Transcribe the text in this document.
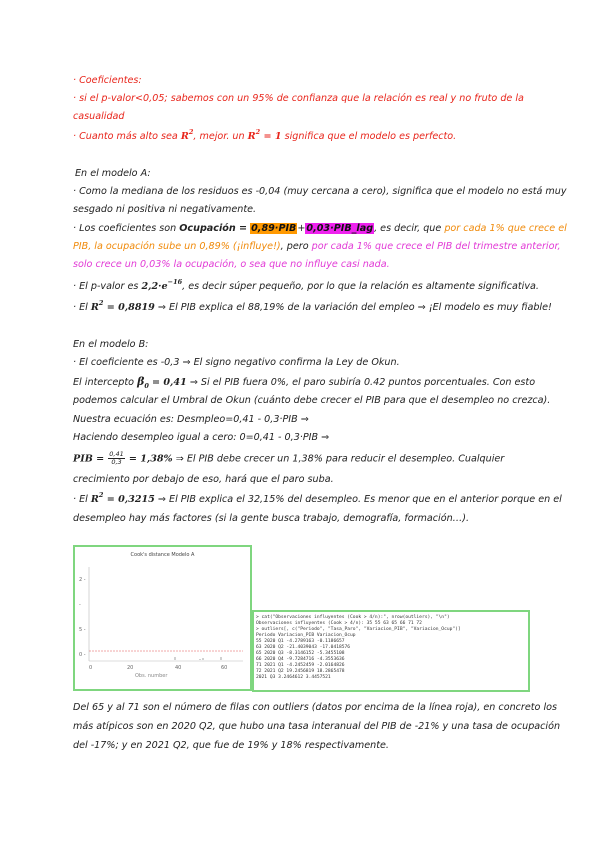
· Coeficientes:
· si el p-valor<0,05; sabemos con un 95% de confianza que la relación es real y no fruto de la
casualidad
· Cuanto más alto sea $R^2$, mejor. un $R^2 = 1$ significa que el modelo es perfecto.
En el modelo A:
· Como la mediana de los residuos es -0,04 (muy cercana a cero), significa que el modelo no está muy
sesgado ni positiva ni negativamente.
· Los coeficientes son Ocupación = 0,89·PIB+0,03·PIB_lag, es decir, que por cada 1% que crece el
PIB, la ocupación sube un 0,89% (¡influye!), pero por cada 1% que crece el PIB del trimestre anterior,
solo crece un 0,03% la ocupación, o sea que no influye casi nada.
· El p-valor es $2,2\cdot e^{-16}$, es decir súper pequeño, por lo que la relación es altamente significativa.
· El $R^2 = 0,8819$ ⇒ El PIB explica el 88,19% de la variación del empleo ⇒ ¡El modelo es muy fiable!
En el modelo B:
· El coeficiente es -0,3 ⇒ El signo negativo confirma la Ley de Okun.
El intercepto $\beta_0 = 0,41$ ⇒ Si el PIB fuera 0%, el paro subiría 0.42 puntos porcentuales. Con esto
podemos calcular el Umbral de Okun (cuánto debe crecer el PIB para que el desempleo no crezca).
Nuestra ecuación es: Desmpleo=0,41 - 0,3·PIB ⇒
Haciendo desempleo igual a cero: 0=0,41 - 0,3·PIB ⇒
PIB = $\frac{0,41}{0,3} = 1,38\%$ ⇒ El PIB debe crecer un 1,38% para reducir el desempleo. Cualquier
crecimiento por debajo de eso, hará que el paro suba.
· El $R^2 = 0,3215$ ⇒ El PIB explica el 32,15% del desempleo. Es menor que en el anterior porque en el
desempleo hay más factores (si la gente busca trabajo, demografía, formación…).
Cook's distance Modelo A
2 -
-
5 -
0 -
0	20	40	60
Obs. number
> cat("Observaciones influyentes (Cook > 4/n):", nrow(outliers), "\n")
Observaciones influyentes (Cook > 4/n): 35 55 63 65 66 71 72
> outliers[, c("Periodo", "Tasa_Paro", "Variacion_PIB", "Variacion_Ocup")]
Periodo Variacion_PIB Variacion_Ocup
55 2020 Q1 -4.2789163 -0.1186657
63 2020 Q2 -21.4039043 -17.0418576
65 2020 Q3 -8.3146152 -5.3455108
66 2020 Q4 -9.7284716 -4.3553636
71 2021 Q1 -4.2452459 -2.0164826
72 2021 Q2 19.2456819 18.2865478
2021 Q3 3.2464612 3.4457521
Del 65 y al 71 son el número de filas con outliers (datos por encima de la línea roja), en concreto los
más atípicos son en 2020 Q2, que hubo una tasa interanual del PIB de -21% y una tasa de ocupación
del -17%; y en 2021 Q2, que fue de 19% y 18% respectivamente.
